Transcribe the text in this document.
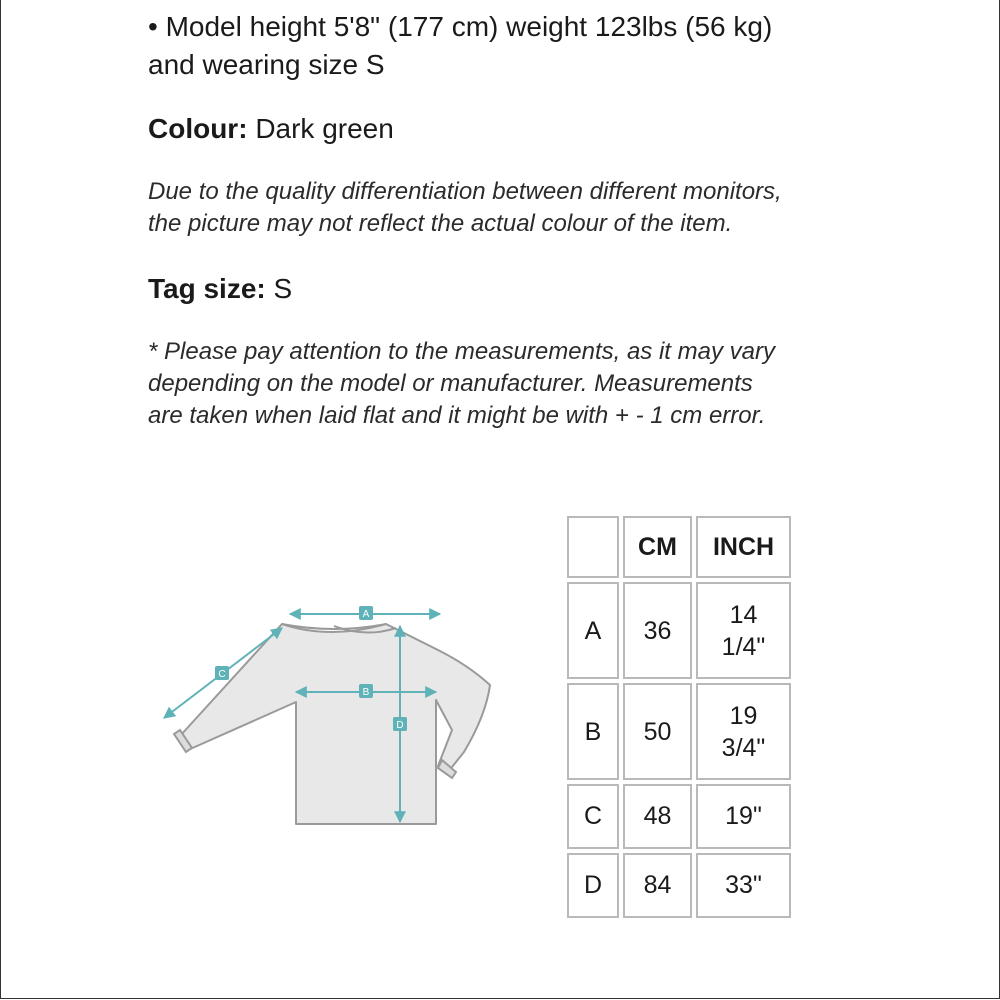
• Model height 5'8" (177 cm) weight 123lbs (56 kg)

and wearing size S

Colour: Dark green

Due to the quality differentiation between different monitors,

the picture may not reflect the actual colour of the item.

Tag size: S

* Please pay attention to the measurements, as it may vary

depending on the model or manufacturer. Measurements

are taken when laid flat and it might be with + - 1 cm error.

A
B
C
D
	CM	INCH
A	36	14
1/4"
B	50	19
3/4"
C	48	19"
D	84	33"
